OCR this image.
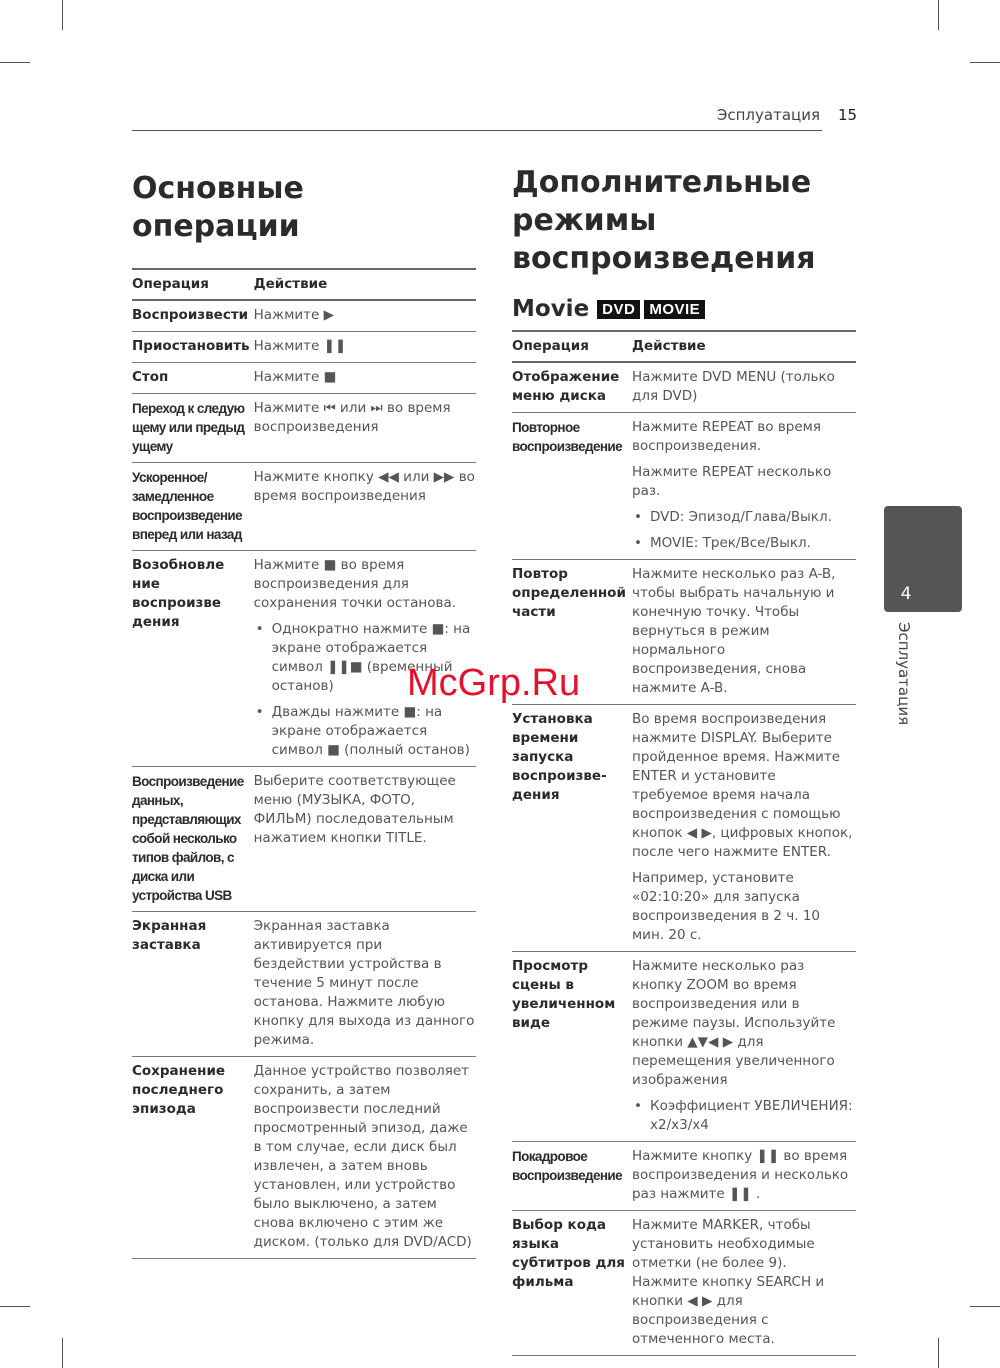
Эсплуатация 15
Основные
операции
Операция	Действие
Воспроизвести	Нажмите ▶

Приостановить	Нажмите ❚❚

Стоп	Нажмите ■

Переход к следую щему или предыд ущему	Нажмите ⏮ или ⏭ во время воспроизведения

Ускоренное/ замедленное воспроизведение вперед или назад	Нажмите кнопку ◀◀ или ▶▶ во время воспроизведения

Возобновле ние воспроизве дения	Нажмите ■ во время воспроизведения для сохранения точки останова.
• Однократно нажмите ■: на экране отображается символ ❚❚■ (временный останов)
• Дважды нажмите ■: на экране отображается символ ■ (полный останов)

Воспроизведение данных, представляющих собой несколько типов файлов, с диска или устройства USB	Выберите соответствующее меню (МУЗЫКА, ФОТО, ФИЛЬМ) последовательным нажатием кнопки TITLE.

Экранная заставка	Экранная заставка активируется при бездействии устройства в течение 5 минут после останова. Нажмите любую кнопку для выхода из данного режима.

Сохранение последнего эпизода	Данное устройство позволяет сохранить, а затем воспроизвести последний просмотренный эпизод, даже в том случае, если диск был извлечен, а затем вновь установлен, или устройство было выключено, а затем снова включено с этим же диском. (только для DVD/ACD)
Дополнительные
режимы
воспроизведения
Movie DVD MOVIE
Операция	Действие
Отображение меню диска	Нажмите DVD MENU (только для DVD)

Повторное воспроизведение	Нажмите REPEAT во время воспроизведения.
Нажмите REPEAT несколько раз.
• DVD: Эпизод/Глава/Выкл.
• MOVIE: Трек/Все/Выкл.

Повтор определенной части	Нажмите несколько раз A-B, чтобы выбрать начальную и конечную точку. Чтобы вернуться в режим нормального воспроизведения, снова нажмите A-B.

Установка времени запуска воспроизве- дения	Во время воспроизведения нажмите DISPLAY. Выберите пройденное время. Нажмите ENTER и установите требуемое время начала воспроизведения с помощью кнопок ◀ ▶, цифровых кнопок, после чего нажмите ENTER.
Например, установите «02:10:20» для запуска воспроизведения в 2 ч. 10 мин. 20 с.

Просмотр сцены в увеличенном виде	Нажмите несколько раз кнопку ZOOM во время воспроизведения или в режиме паузы. Используйте кнопки ▲▼◀ ▶ для перемещения увеличенного изображения
• Коэффициент УВЕЛИЧЕНИЯ: x2/x3/x4

Покадровое воспроизведение	Нажмите кнопку ❚❚ во время воспроизведения и несколько раз нажмите ❚❚ .

Выбор кода языка субтитров для фильма	Нажмите MARKER, чтобы установить необходимые отметки (не более 9). Нажмите кнопку SEARCH и кнопки ◀ ▶ для воспроизведения с отмеченного места.
4
Эсплуатация
McGrp.Ru
